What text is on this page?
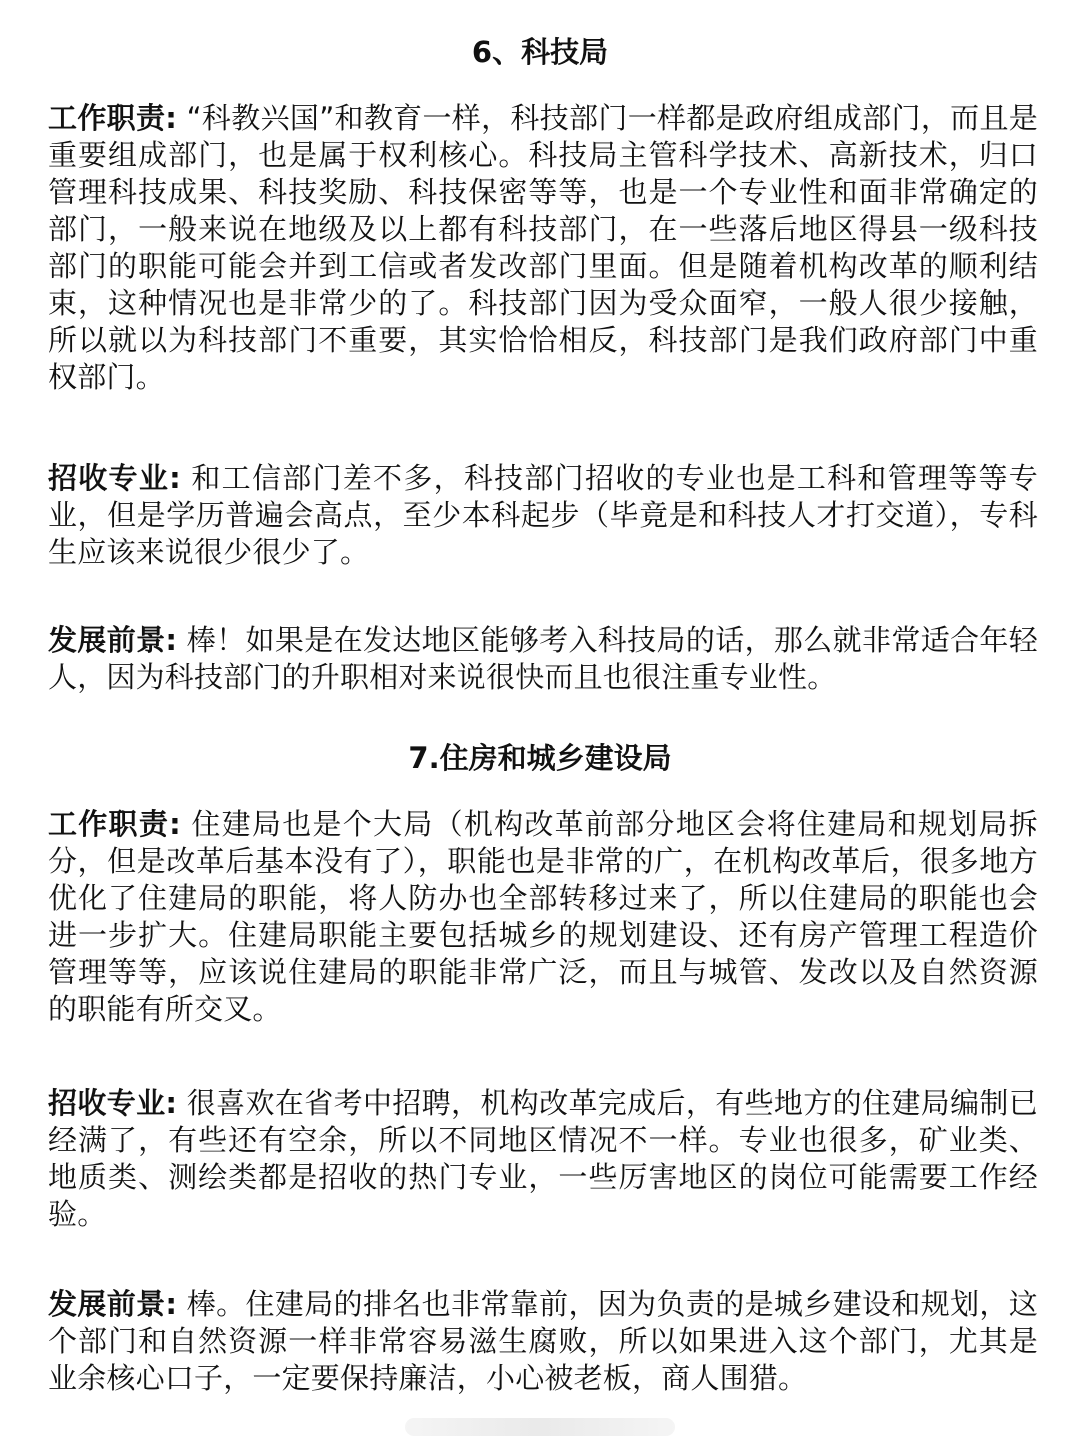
6、科技局

工作职责: “科教兴国”和教育一样，科技部门一样都是政府组成部门，而且是重要组成部门，也是属于权利核心。科技局主管科学技术、高新技术，归口管理科技成果、科技奖励、科技保密等等，也是一个专业性和面非常确定的部门，一般来说在地级及以上都有科技部门，在一些落后地区得县一级科技部门的职能可能会并到工信或者发改部门里面。但是随着机构改革的顺利结束，这种情况也是非常少的了。科技部门因为受众面窄，一般人很少接触，所以就以为科技部门不重要，其实恰恰相反，科技部门是我们政府部门中重权部门。

招收专业: 和工信部门差不多，科技部门招收的专业也是工科和管理等等专业，但是学历普遍会高点，至少本科起步（毕竟是和科技人才打交道），专科生应该来说很少很少了。

发展前景: 棒！如果是在发达地区能够考入科技局的话，那么就非常适合年轻人，因为科技部门的升职相对来说很快而且也很注重专业性。

7.住房和城乡建设局

工作职责: 住建局也是个大局（机构改革前部分地区会将住建局和规划局拆分，但是改革后基本没有了），职能也是非常的广，在机构改革后，很多地方优化了住建局的职能，将人防办也全部转移过来了，所以住建局的职能也会进一步扩大。住建局职能主要包括城乡的规划建设、还有房产管理工程造价管理等等，应该说住建局的职能非常广泛，而且与城管、发改以及自然资源的职能有所交叉。

招收专业: 很喜欢在省考中招聘，机构改革完成后，有些地方的住建局编制已经满了，有些还有空余，所以不同地区情况不一样。专业也很多，矿业类、地质类、测绘类都是招收的热门专业，一些厉害地区的岗位可能需要工作经验。

发展前景: 棒。住建局的排名也非常靠前，因为负责的是城乡建设和规划，这个部门和自然资源一样非常容易滋生腐败，所以如果进入这个部门，尤其是业余核心口子，一定要保持廉洁，小心被老板，商人围猎。
